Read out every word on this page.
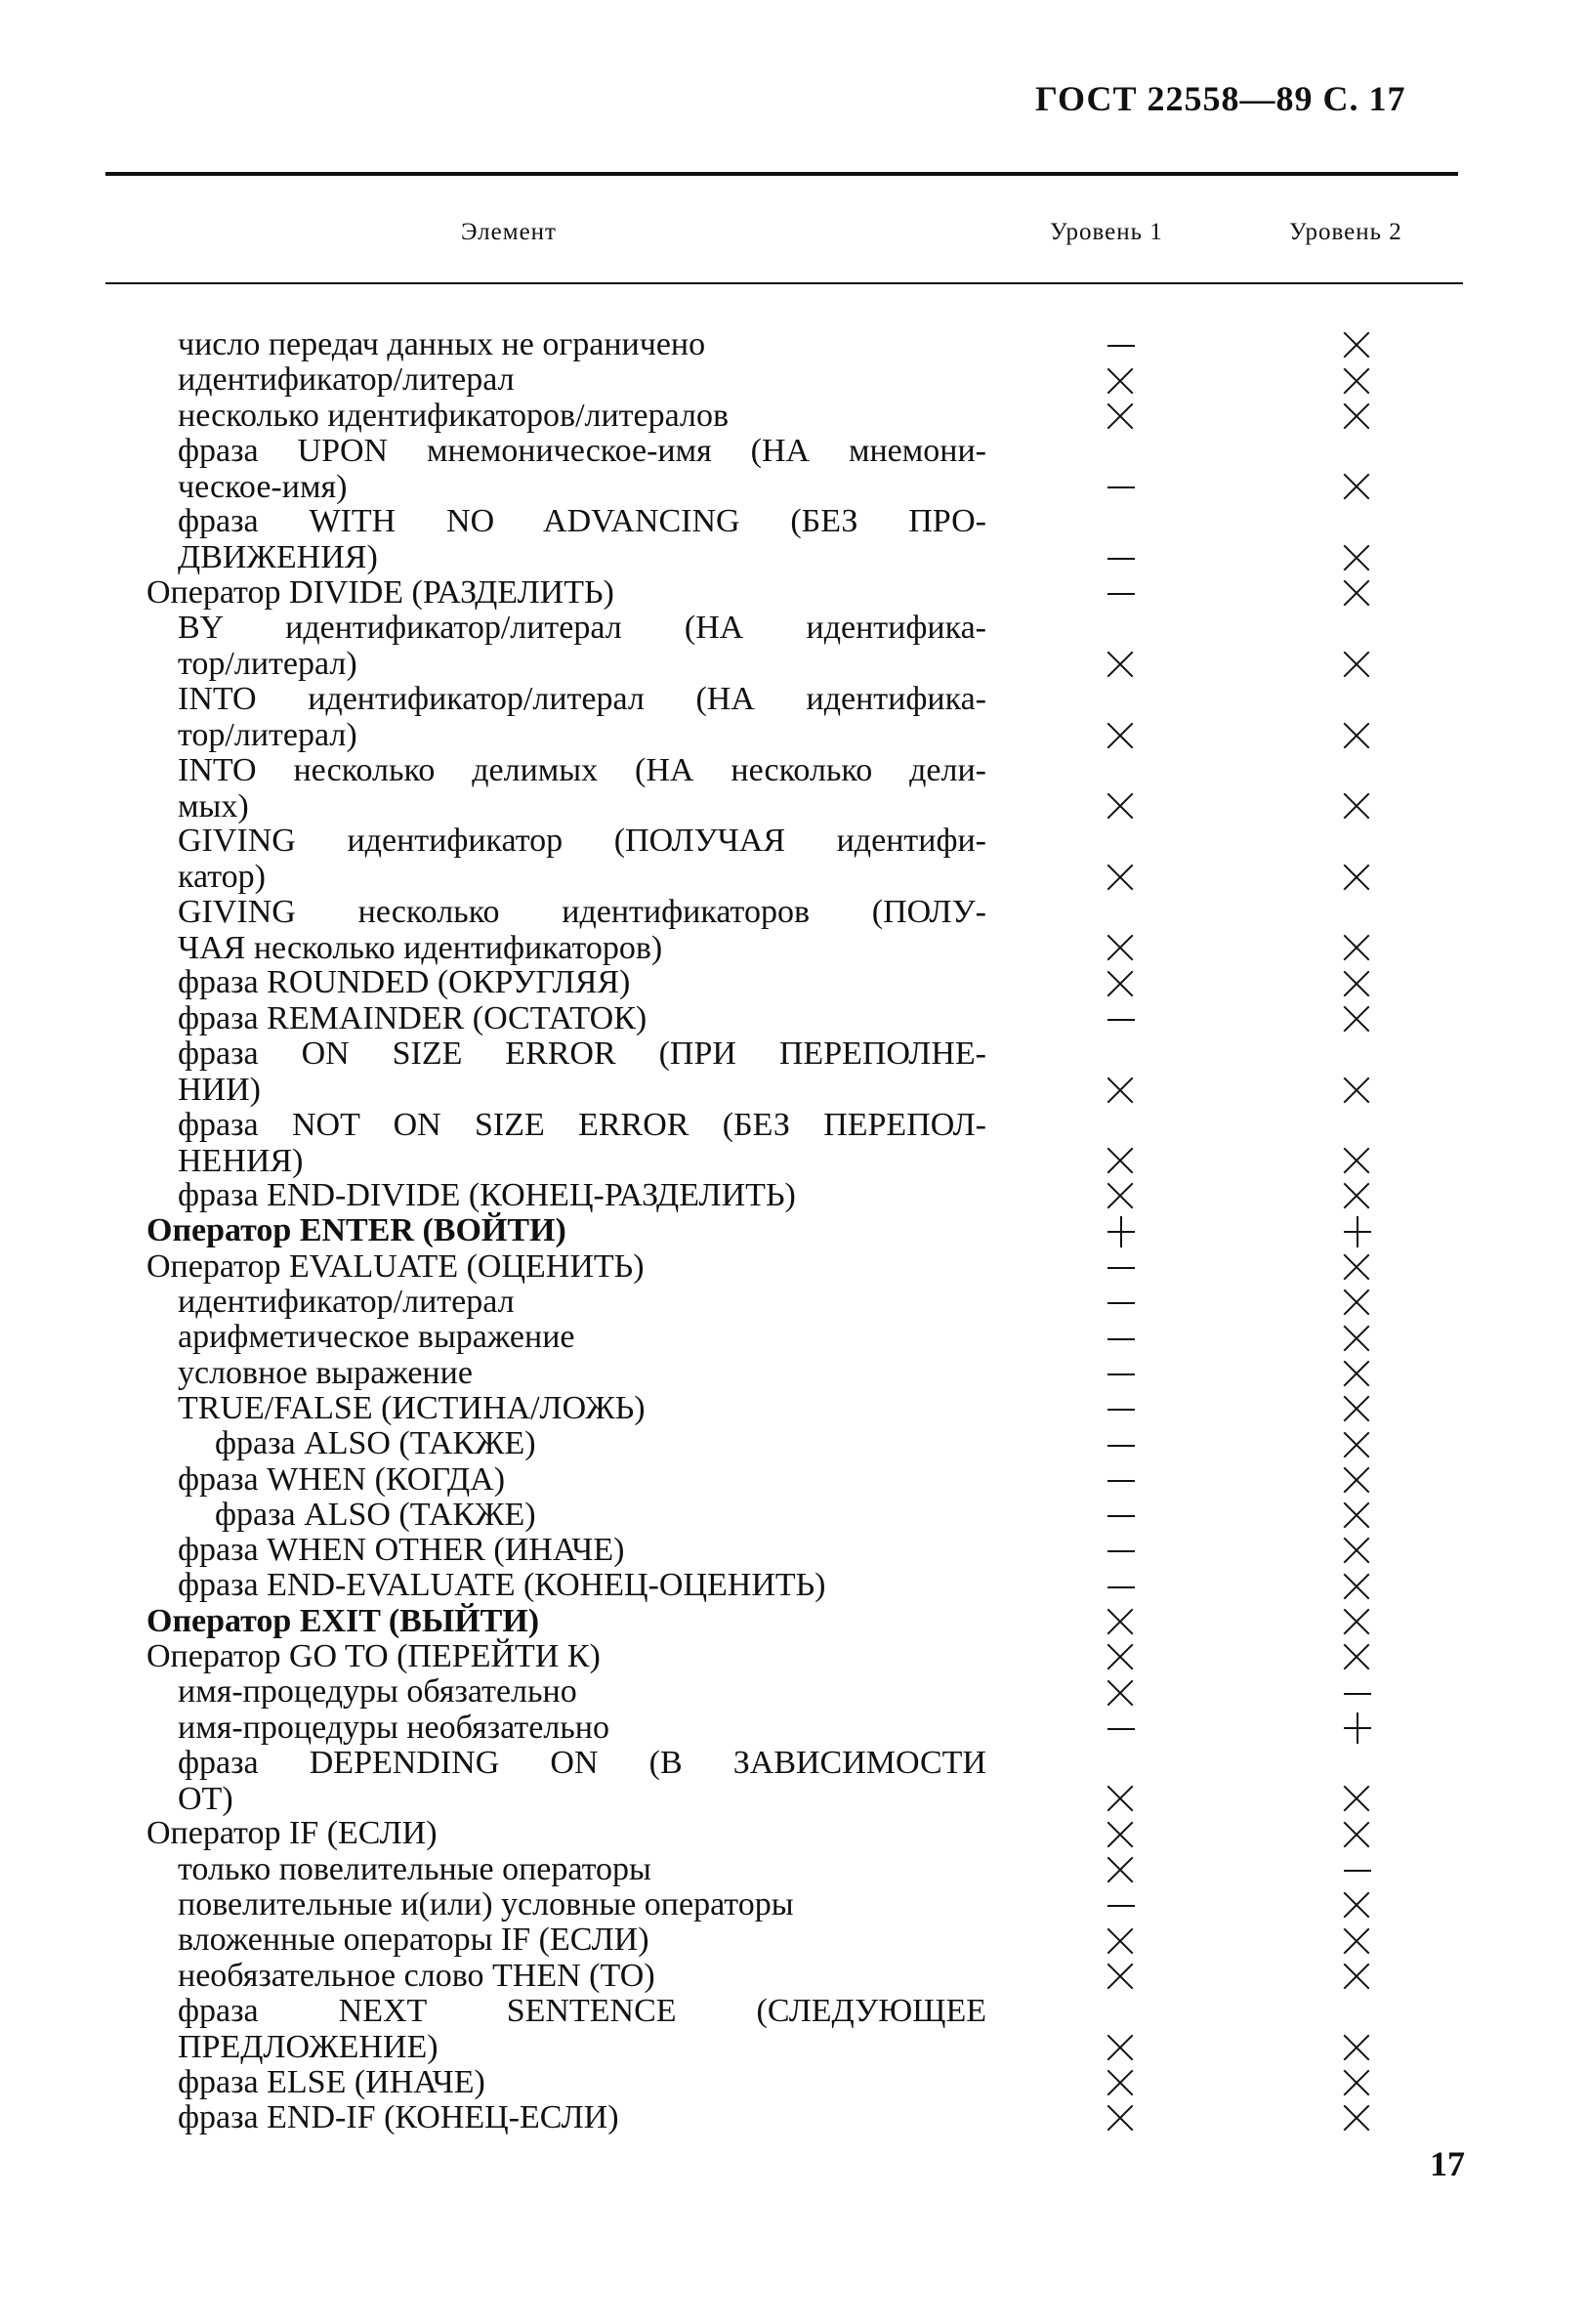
ГОСТ 22558—89 С. 17
Элемент	Уровень 1	Уровень 2
число передач данных не ограничено
идентификатор/литерал
несколько идентификаторов/литералов
фраза UPON мнемоническое-имя (НА мнемони-
ческое-имя)
фраза WITH NO ADVANCING (БЕЗ ПРО-
ДВИЖЕНИЯ)
Оператор DIVIDE (РАЗДЕЛИТЬ)
BY идентификатор/литерал (НА идентифика-
тор/литерал)
INTO идентификатор/литерал (НА идентифика-
тор/литерал)
INTO несколько делимых (НА несколько дели-
мых)
GIVING идентификатор (ПОЛУЧАЯ идентифи-
катор)
GIVING несколько идентификаторов (ПОЛУ-
ЧАЯ несколько идентификаторов)
фраза ROUNDED (ОКРУГЛЯЯ)
фраза REMAINDER (ОСТАТОК)
фраза ON SIZE ERROR (ПРИ ПЕРЕПОЛНЕ-
НИИ)
фраза NOT ON SIZE ERROR (БЕЗ ПЕРЕПОЛ-
НЕНИЯ)
фраза END-DIVIDE (КОНЕЦ-РАЗДЕЛИТЬ)
Оператор ENTER (ВОЙТИ)
Оператор EVALUATE (ОЦЕНИТЬ)
идентификатор/литерал
арифметическое выражение
условное выражение
TRUE/FALSE (ИСТИНА/ЛОЖЬ)
фраза ALSO (ТАКЖЕ)
фраза WHEN (КОГДА)
фраза ALSO (ТАКЖЕ)
фраза WHEN OTHER (ИНАЧЕ)
фраза END-EVALUATE (КОНЕЦ-ОЦЕНИТЬ)
Оператор EXIT (ВЫЙТИ)
Оператор GO TO (ПЕРЕЙТИ К)
имя-процедуры обязательно
имя-процедуры необязательно
фраза DEPENDING ON (В ЗАВИСИМОСТИ
ОТ)
Оператор IF (ЕСЛИ)
только повелительные операторы
повелительные и(или) условные операторы
вложенные операторы IF (ЕСЛИ)
необязательное слово THEN (ТО)
фраза NEXT SENTENCE (СЛЕДУЮЩЕЕ
ПРЕДЛОЖЕНИЕ)
фраза ELSE (ИНАЧЕ)
фраза END-IF (КОНЕЦ-ЕСЛИ)
17
